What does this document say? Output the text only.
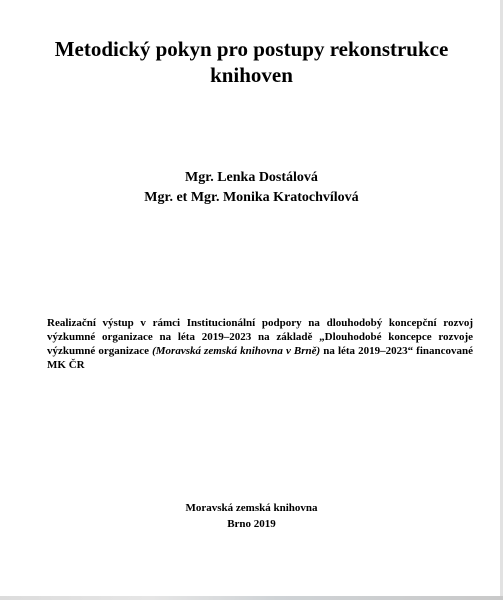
Metodický pokyn pro postupy rekonstrukce knihoven
Mgr. Lenka Dostálová
Mgr. et Mgr. Monika Kratochvílová

Realizační výstup v rámci Institucionální podpory na dlouhodobý koncepční rozvoj výzkumné organizace na léta 2019–2023 na základě „Dlouhodobé koncepce rozvoje výzkumné organizace (Moravská zemská knihovna v Brně) na léta 2019–2023“ financované MK ČR

Moravská zemská knihovna
Brno 2019
